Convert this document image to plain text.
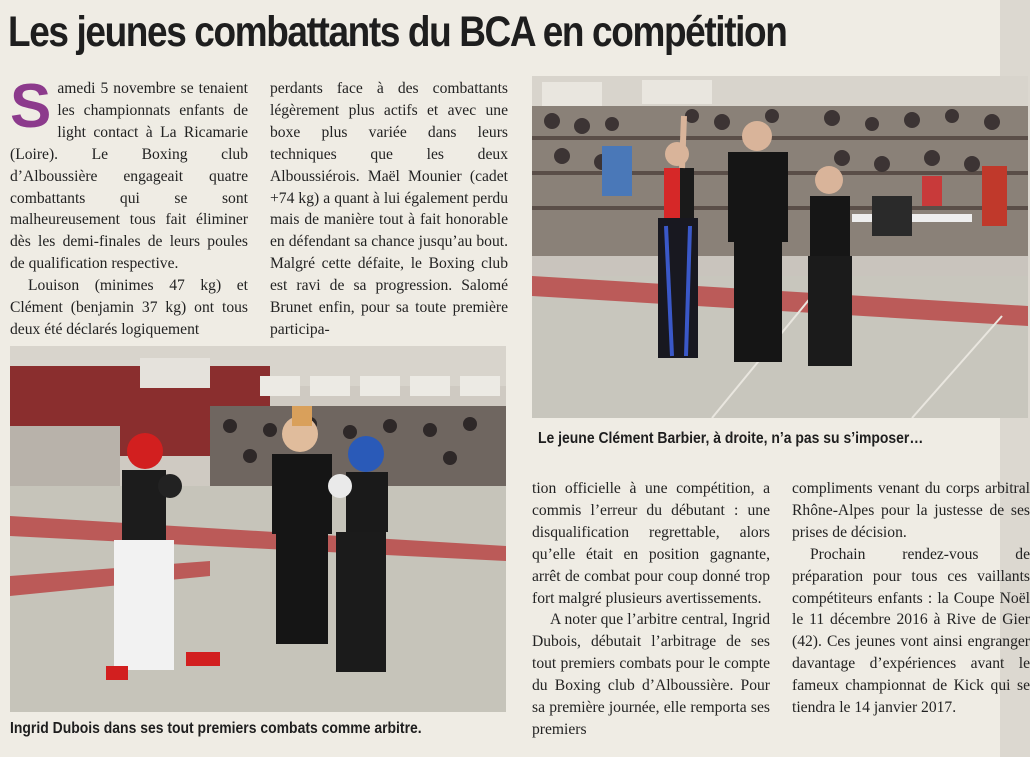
Les jeunes combattants du BCA en compétition

S amedi 5 novembre se tenaient les championnats enfants de light contact à La Ricamarie (Loire). Le Boxing club d’Alboussière engageait quatre combattants qui se sont malheureusement tous fait éliminer dès les demi-finales de leurs poules de qualification respective.

Louison (minimes 47 kg) et Clément (benjamin 37 kg) ont tous deux été déclarés logiquement

perdants face à des combattants légèrement plus actifs et avec une boxe plus variée dans leurs techniques que les deux Alboussiérois. Maël Mounier (cadet +74 kg) a quant à lui également perdu mais de manière tout à fait honorable en défendant sa chance jusqu’au bout. Malgré cette défaite, le Boxing club est ravi de sa progression. Salomé Brunet enfin, pour sa toute première participa-

Le jeune Clément Barbier, à droite, n’a pas su s’imposer…
Ingrid Dubois dans ses tout premiers combats comme arbitre.

tion officielle à une compétition, a commis l’erreur du débutant : une disqualification regrettable, alors qu’elle était en position gagnante, arrêt de combat pour coup donné trop fort malgré plusieurs avertissements.

A noter que l’arbitre central, Ingrid Dubois, débutait l’arbitrage de ses tout premiers combats pour le compte du Boxing club d’Alboussière. Pour sa première journée, elle remporta ses premiers

compliments venant du corps arbitral Rhône-Alpes pour la justesse de ses prises de décision.

Prochain rendez-vous de préparation pour tous ces vaillants compétiteurs enfants : la Coupe Noël le 11 décembre 2016 à Rive de Gier (42). Ces jeunes vont ainsi engranger davantage d’expériences avant le fameux championnat de Kick qui se tiendra le 14 janvier 2017.
